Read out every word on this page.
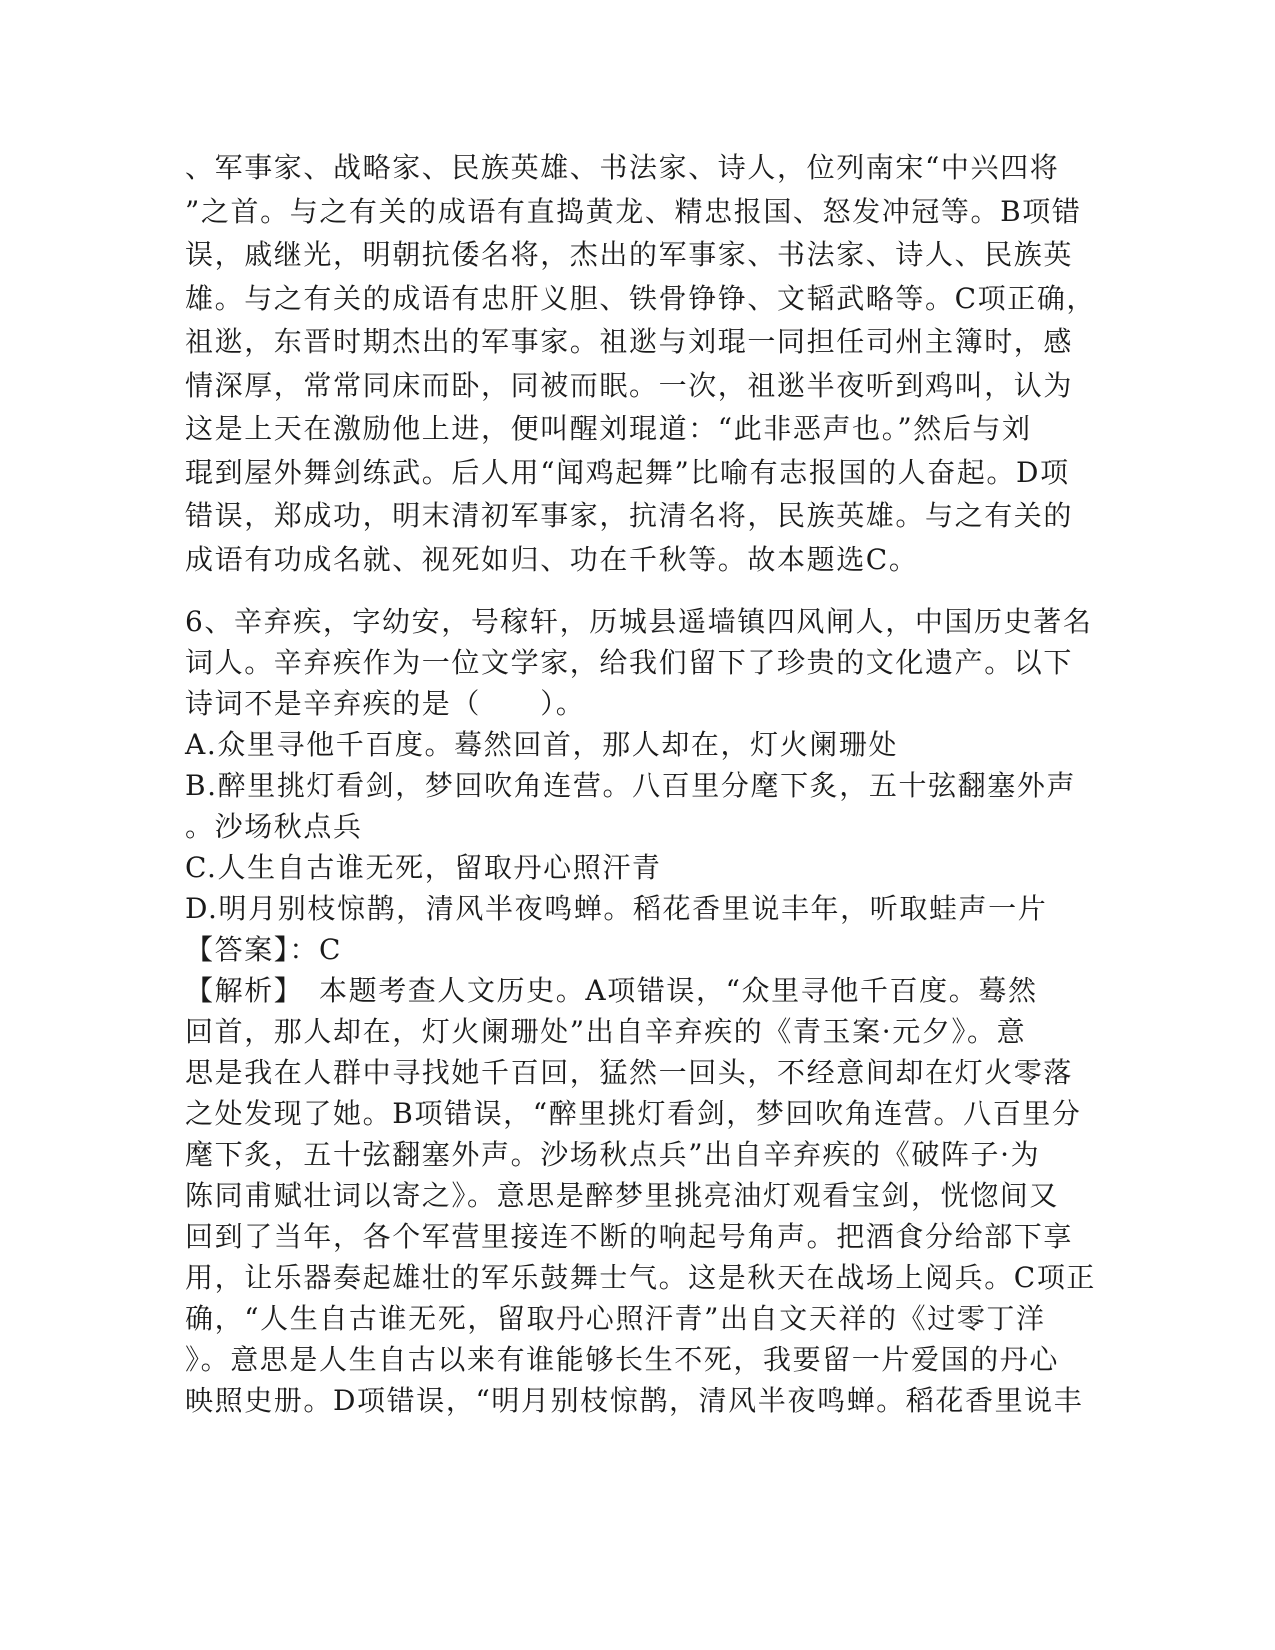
、军事家、战略家、民族英雄、书法家、诗人，位列南宋“中兴四将
”之首。与之有关的成语有直捣黄龙、精忠报国、怒发冲冠等。B项错
误，戚继光，明朝抗倭名将，杰出的军事家、书法家、诗人、民族英
雄。与之有关的成语有忠肝义胆、铁骨铮铮、文韬武略等。C项正确，
祖逖，东晋时期杰出的军事家。祖逖与刘琨一同担任司州主簿时，感
情深厚，常常同床而卧，同被而眠。一次，祖逖半夜听到鸡叫，认为
这是上天在激励他上进，便叫醒刘琨道：“此非恶声也。”然后与刘
琨到屋外舞剑练武。后人用“闻鸡起舞”比喻有志报国的人奋起。D项
错误，郑成功，明末清初军事家，抗清名将，民族英雄。与之有关的
成语有功成名就、视死如归、功在千秋等。故本题选C。
6、辛弃疾，字幼安，号稼轩，历城县遥墙镇四风闸人，中国历史著名
词人。辛弃疾作为一位文学家，给我们留下了珍贵的文化遗产。以下
诗词不是辛弃疾的是（　　）。
A.众里寻他千百度。蓦然回首，那人却在，灯火阑珊处
B.醉里挑灯看剑，梦回吹角连营。八百里分麾下炙，五十弦翻塞外声
。沙场秋点兵
C.人生自古谁无死，留取丹心照汗青
D.明月别枝惊鹊，清风半夜鸣蝉。稻花香里说丰年，听取蛙声一片
【答案】：C
【解析】　本题考查人文历史。A项错误，“众里寻他千百度。蓦然
回首，那人却在，灯火阑珊处”出自辛弃疾的《青玉案·元夕》。意
思是我在人群中寻找她千百回，猛然一回头，不经意间却在灯火零落
之处发现了她。B项错误，“醉里挑灯看剑，梦回吹角连营。八百里分
麾下炙，五十弦翻塞外声。沙场秋点兵”出自辛弃疾的《破阵子·为
陈同甫赋壮词以寄之》。意思是醉梦里挑亮油灯观看宝剑，恍惚间又
回到了当年，各个军营里接连不断的响起号角声。把酒食分给部下享
用，让乐器奏起雄壮的军乐鼓舞士气。这是秋天在战场上阅兵。C项正
确，“人生自古谁无死，留取丹心照汗青”出自文天祥的《过零丁洋
》。意思是人生自古以来有谁能够长生不死，我要留一片爱国的丹心
映照史册。D项错误，“明月别枝惊鹊，清风半夜鸣蝉。稻花香里说丰
